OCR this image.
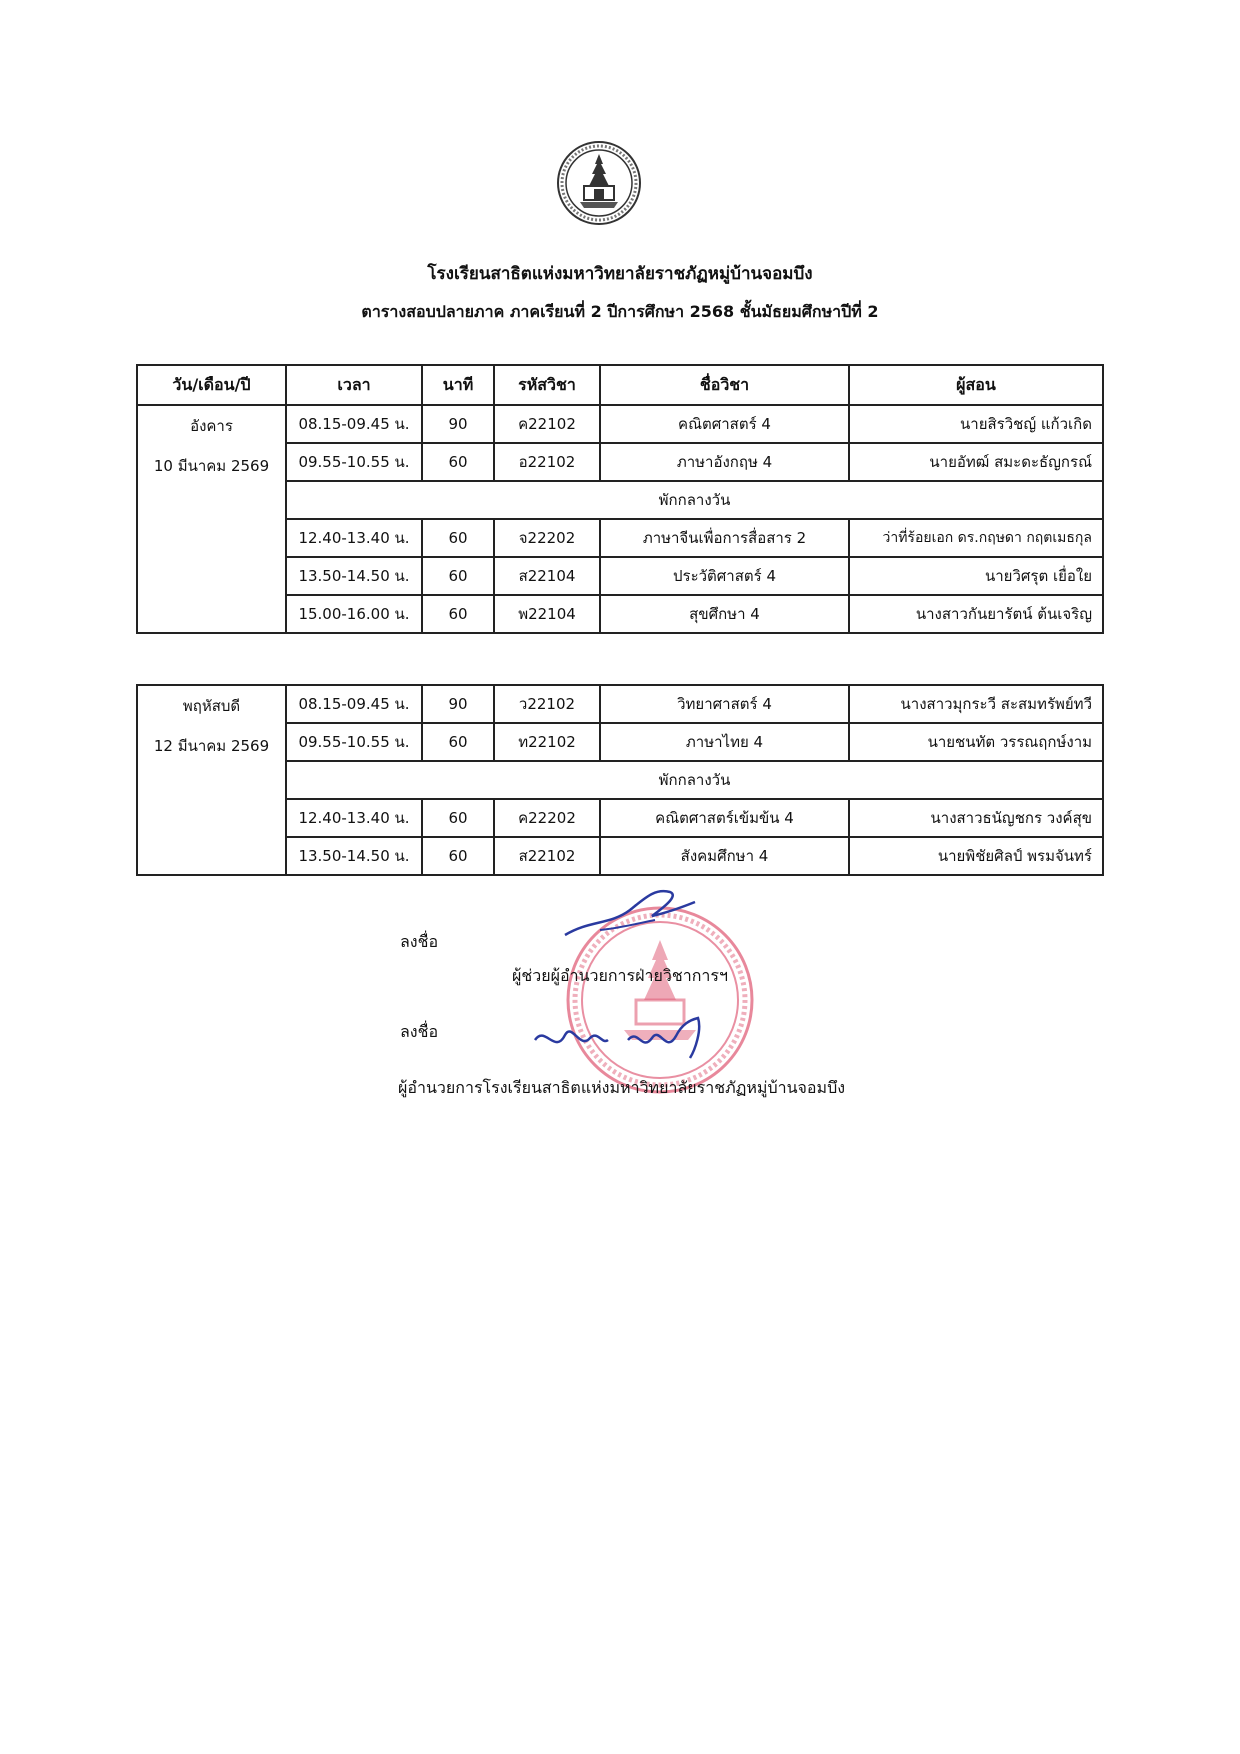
โรงเรียนสาธิตแห่งมหาวิทยาลัยราชภัฏหมู่บ้านจอมบึง
ตารางสอบปลายภาค ภาคเรียนที่ 2 ปีการศึกษา 2568 ชั้นมัธยมศึกษาปีที่ 2
วัน/เดือน/ปี	เวลา	นาที	รหัสวิชา	ชื่อวิชา	ผู้สอน

อังคาร
10 มีนาคม 2569	08.15-09.45 น.	90	ค22102	คณิตศาสตร์ 4	นายสิรวิชญ์ แก้วเกิด
	09.55-10.55 น.	60	อ22102	ภาษาอังกฤษ 4	นายอัทฒ์ สมะดะธัญกรณ์
	พักกลางวัน				
	12.40-13.40 น.	60	จ22202	ภาษาจีนเพื่อการสื่อสาร 2	ว่าที่ร้อยเอก ดร.กฤษดา กฤตเมธกุล
	13.50-14.50 น.	60	ส22104	ประวัติศาสตร์ 4	นายวิศรุต เยื่อใย
	15.00-16.00 น.	60	พ22104	สุขศึกษา 4	นางสาวกันยารัตน์ ต้นเจริญ
พฤหัสบดี
12 มีนาคม 2569	08.15-09.45 น.	90	ว22102	วิทยาศาสตร์ 4	นางสาวมุกระวี สะสมทรัพย์ทวี
	09.55-10.55 น.	60	ท22102	ภาษาไทย 4	นายชนทัต วรรณฤกษ์งาม
	พักกลางวัน				
	12.40-13.40 น.	60	ค22202	คณิตศาสตร์เข้มข้น 4	นางสาวธนัญชกร วงค์สุข
	13.50-14.50 น.	60	ส22102	สังคมศึกษา 4	นายพิชัยศิลป์ พรมจันทร์
ลงชื่อ
ผู้ช่วยผู้อำนวยการฝ่ายวิชาการฯ
ลงชื่อ
ผู้อำนวยการโรงเรียนสาธิตแห่งมหาวิทยาลัยราชภัฏหมู่บ้านจอมบึง
